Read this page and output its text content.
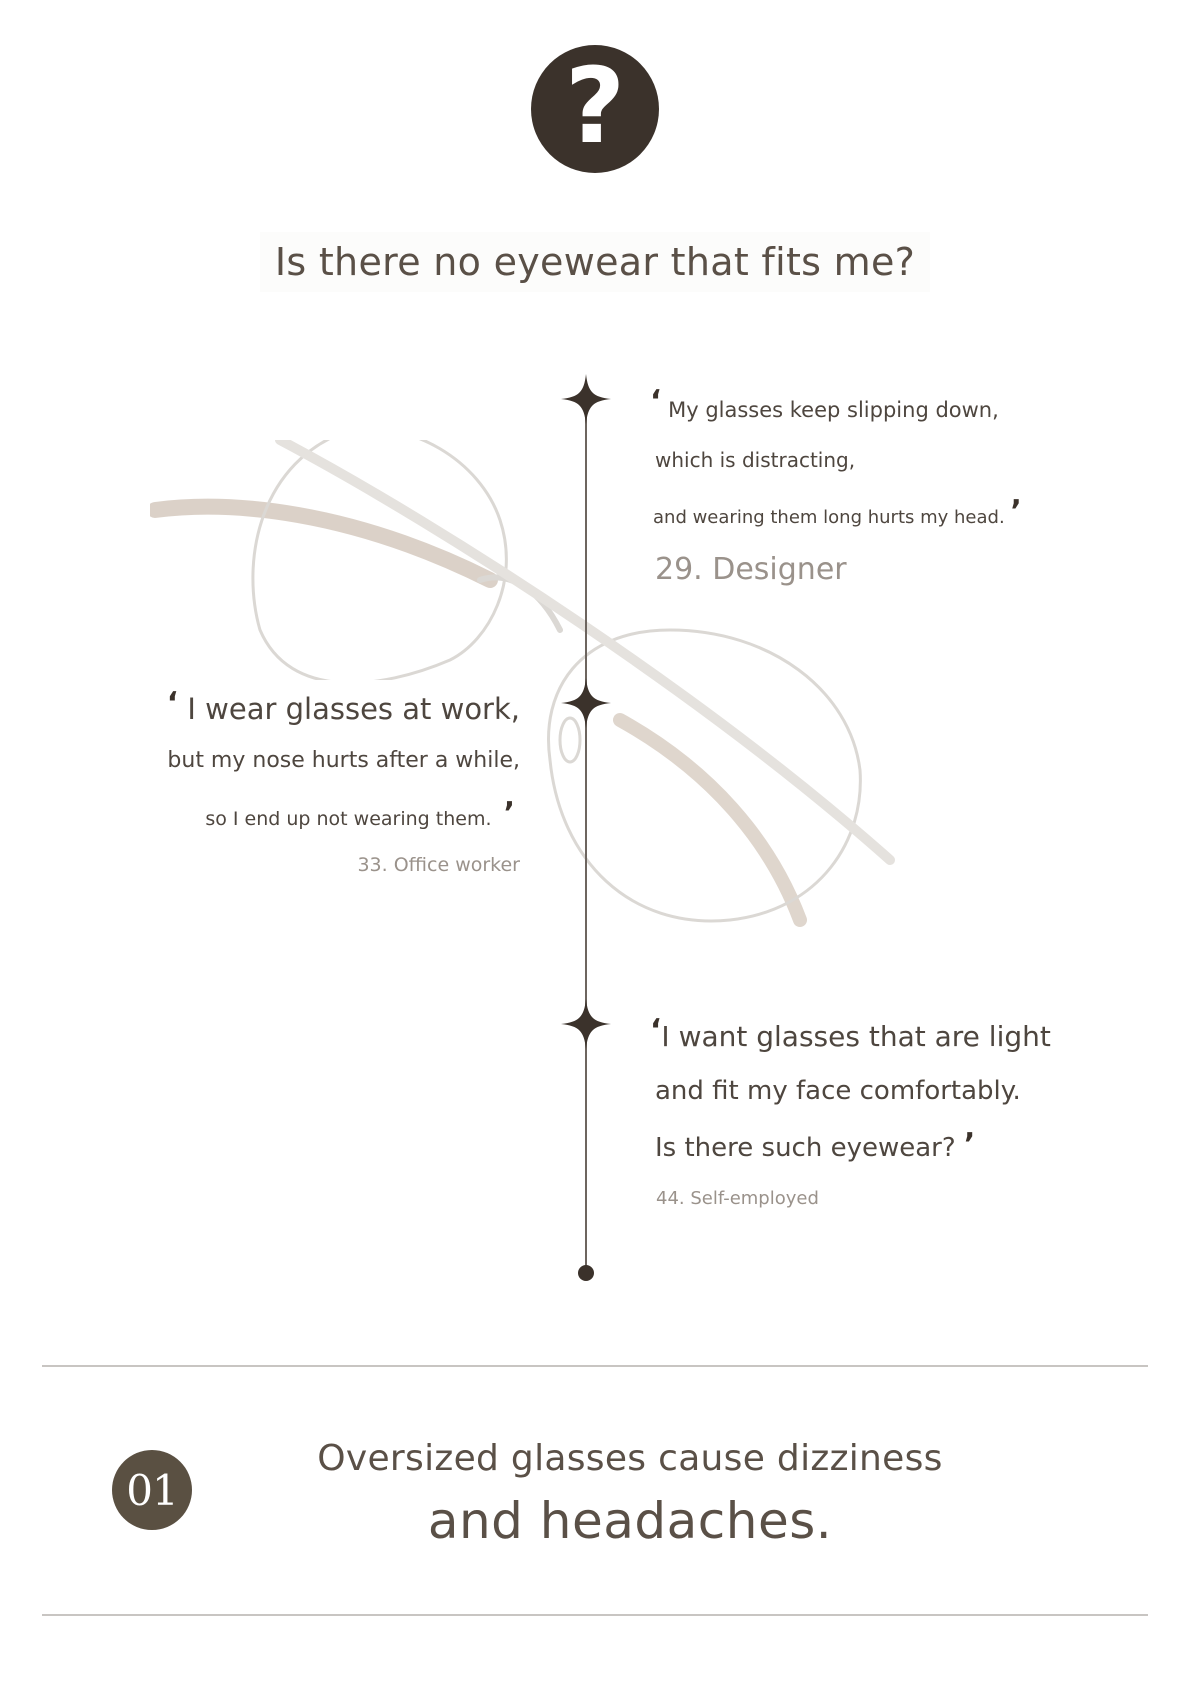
?
Is there no eyewear that fits me?
‘ My glasses keep slipping down,
which is distracting,
and wearing them long hurts my head. ’
29. Designer
‘ I wear glasses at work,
but my nose hurts after a while,
so I end up not wearing them. ’
33. Office worker
‘I want glasses that are light
and fit my face comfortably.
Is there such eyewear? ’
44. Self-employed
01
Oversized glasses cause dizziness
and headaches.
